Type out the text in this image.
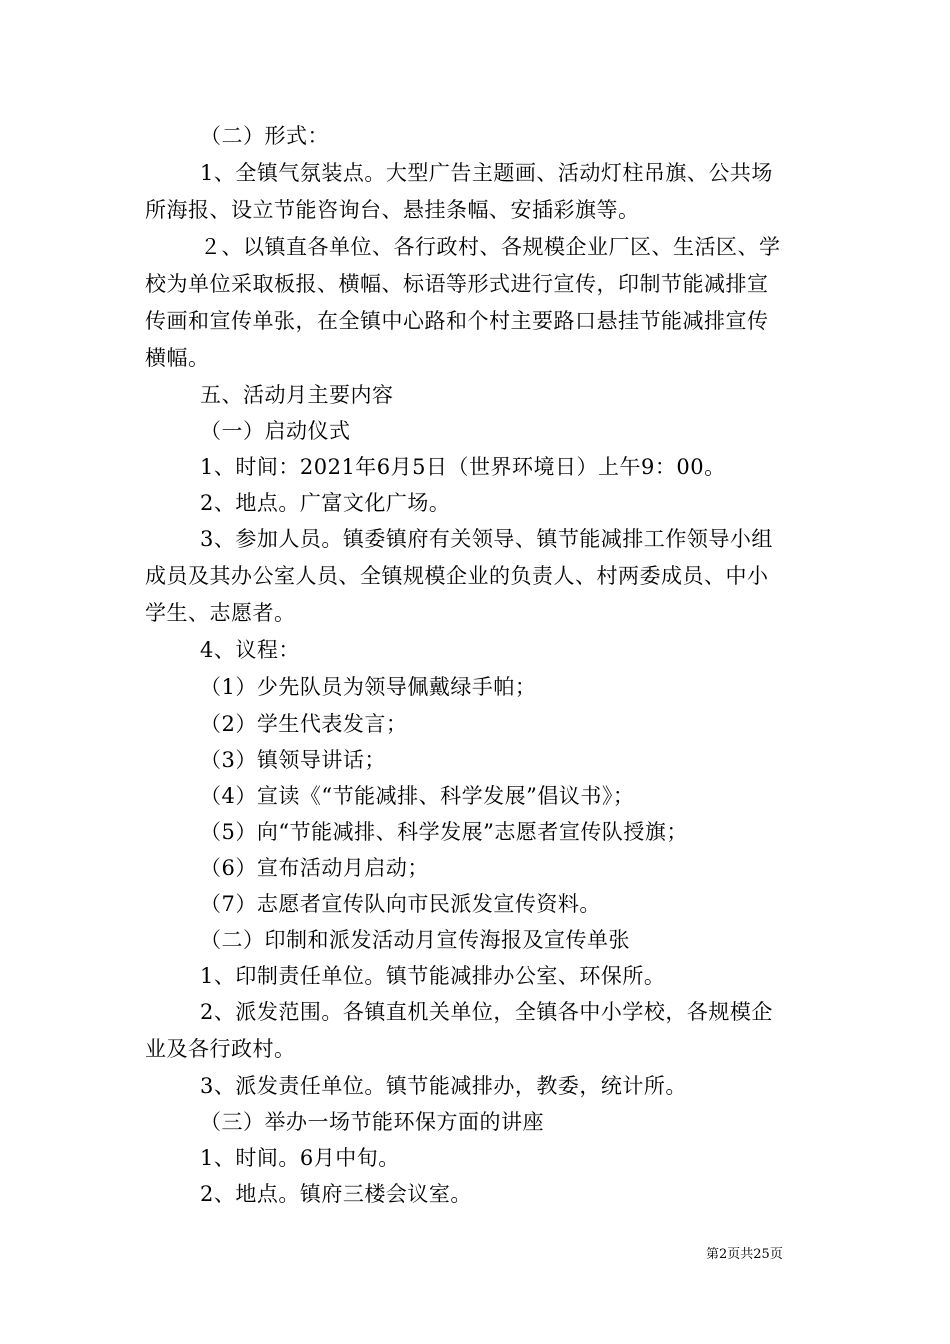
（二）形式：
1、全镇气氛装点。大型广告主题画、活动灯柱吊旗、公共场
所海报、设立节能咨询台、悬挂条幅、安插彩旗等。
２、以镇直各单位、各行政村、各规模企业厂区、生活区、学
校为单位采取板报、横幅、标语等形式进行宣传，印制节能减排宣
传画和宣传单张，在全镇中心路和个村主要路口悬挂节能减排宣传
横幅。
五、活动月主要内容
（一）启动仪式
1、时间：2021年6月5日（世界环境日）上午9：00。
2、地点。广富文化广场。
3、参加人员。镇委镇府有关领导、镇节能减排工作领导小组
成员及其办公室人员、全镇规模企业的负责人、村两委成员、中小
学生、志愿者。
4、议程：
（1）少先队员为领导佩戴绿手帕；
（2）学生代表发言；
（3）镇领导讲话；
（4）宣读《“节能减排、科学发展”倡议书》；
（5）向“节能减排、科学发展”志愿者宣传队授旗；
（6）宣布活动月启动；
（7）志愿者宣传队向市民派发宣传资料。
（二）印制和派发活动月宣传海报及宣传单张
1、印制责任单位。镇节能减排办公室、环保所。
2、派发范围。各镇直机关单位，全镇各中小学校，各规模企
业及各行政村。
3、派发责任单位。镇节能减排办，教委，统计所。
（三）举办一场节能环保方面的讲座
1、时间。6月中旬。
2、地点。镇府三楼会议室。
第2页共25页
